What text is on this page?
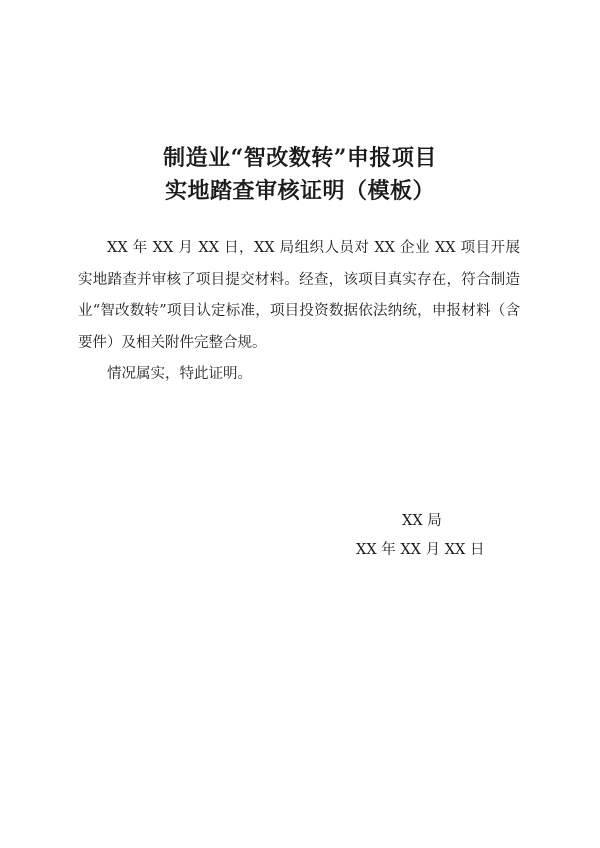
制造业“智改数转”申报项目
实地踏查审核证明（模板）
XX 年 XX 月 XX 日，XX 局组织人员对 XX 企业 XX 项目开展实地踏查并审核了项目提交材料。经查，该项目真实存在，符合制造业“智改数转”项目认定标准，项目投资数据依法纳统，申报材料（含要件）及相关附件完整合规。
情况属实，特此证明。
XX 局
XX 年 XX 月 XX 日
